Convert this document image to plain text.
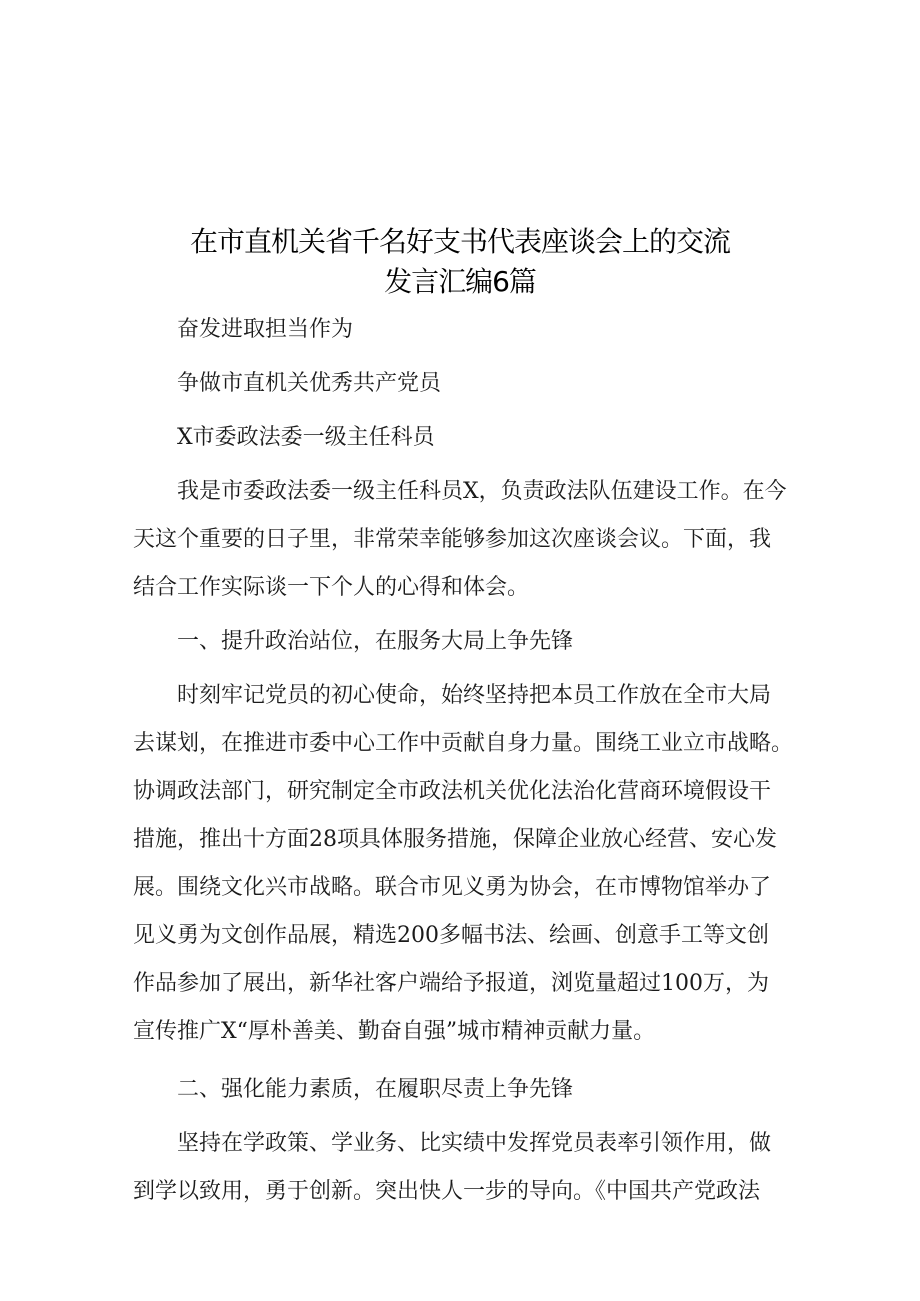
在市直机关省千名好支书代表座谈会上的交流
发言汇编6篇
奋发进取担当作为
争做市直机关优秀共产党员
X市委政法委一级主任科员
我是市委政法委一级主任科员X，负责政法队伍建设工作。在今
天这个重要的日子里，非常荣幸能够参加这次座谈会议。下面，我
结合工作实际谈一下个人的心得和体会。
一、提升政治站位，在服务大局上争先锋
时刻牢记党员的初心使命，始终坚持把本员工作放在全市大局
去谋划，在推进市委中心工作中贡献自身力量。围绕工业立市战略。
协调政法部门，研究制定全市政法机关优化法治化营商环境假设干
措施，推出十方面28项具体服务措施，保障企业放心经营、安心发
展。围绕文化兴市战略。联合市见义勇为协会，在市博物馆举办了
见义勇为文创作品展，精选200多幅书法、绘画、创意手工等文创
作品参加了展出，新华社客户端给予报道，浏览量超过100万，为
宣传推广X“厚朴善美、勤奋自强”城市精神贡献力量。
二、强化能力素质，在履职尽责上争先锋
坚持在学政策、学业务、比实绩中发挥党员表率引领作用，做
到学以致用，勇于创新。突出快人一步的导向。《中国共产党政法
